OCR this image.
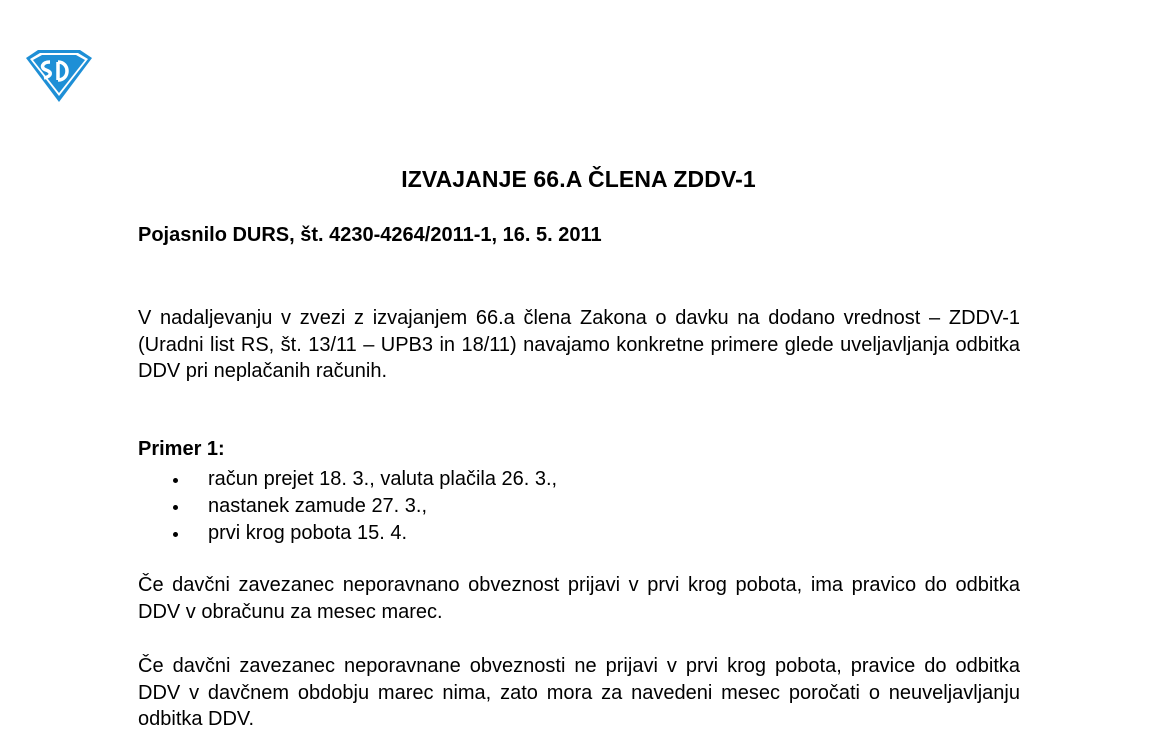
IZVAJANJE 66.A ČLENA ZDDV-1
Pojasnilo DURS, št. 4230-4264/2011-1, 16. 5. 2011
V nadaljevanju v zvezi z izvajanjem 66.a člena Zakona o davku na dodano vrednost – ZDDV-1 (Uradni list RS, št. 13/11 – UPB3 in 18/11) navajamo konkretne primere glede uveljavljanja odbitka DDV pri neplačanih računih.
Primer 1:
račun prejet 18. 3., valuta plačila 26. 3.,
nastanek zamude 27. 3.,
prvi krog pobota 15. 4.
Če davčni zavezanec neporavnano obveznost prijavi v prvi krog pobota, ima pravico do odbitka DDV v obračunu za mesec marec.
Če davčni zavezanec neporavnane obveznosti ne prijavi v prvi krog pobota, pravice do odbitka DDV v davčnem obdobju marec nima, zato mora za navedeni mesec poročati o neuveljavljanju odbitka DDV.
